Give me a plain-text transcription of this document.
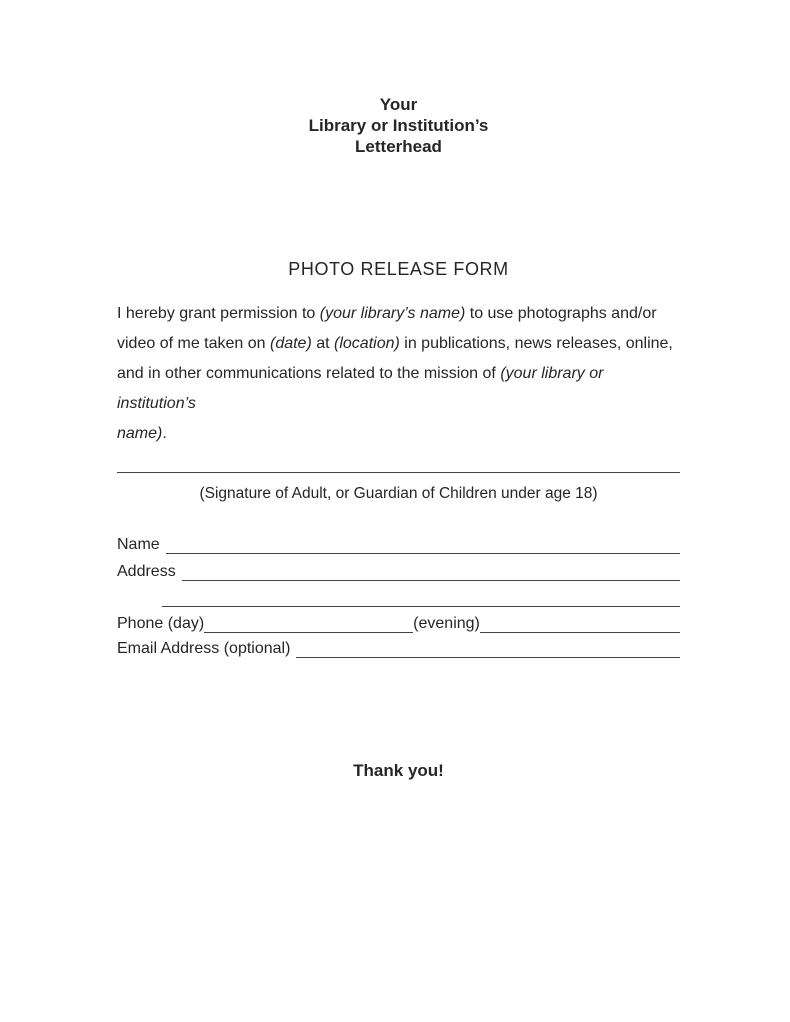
Your
Library or Institution’s
Letterhead
PHOTO RELEASE FORM
I hereby grant permission to (your library’s name) to use photographs and/or
video of me taken on (date) at (location) in publications, news releases, online,
and in other communications related to the mission of (your library or institution’s
name).
(Signature of Adult, or Guardian of Children under age 18)
Name
Address
Phone (day)	(evening)
Email Address (optional)
Thank you!
